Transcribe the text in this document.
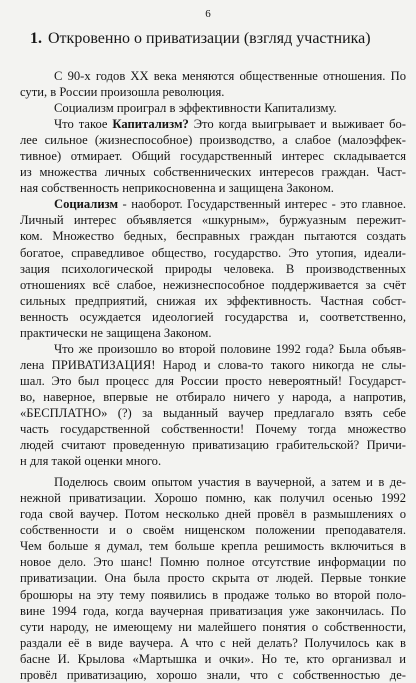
6
1. Откровенно о приватизации (взгляд участника)
С 90-х годов XX века меняются общественные отношения. По
сути, в России произошла революция.
Социализм проиграл в эффективности Капитализму.
Что такое Капитализм? Это когда выигрывает и выживает бо-
лее сильное (жизнеспособное) производство, а слабое (малоэффек-
тивное) отмирает. Общий государственный интерес складывается
из множества личных собственнических интересов граждан. Част-
ная собственность неприкосновенна и защищена Законом.
Социализм - наоборот. Государственный интерес - это главное.
Личный интерес объявляется «шкурным», буржуазным пережит-
ком. Множество бедных, бесправных граждан пытаются создать
богатое, справедливое общество, государство. Это утопия, идеали-
зация психологической природы человека. В производственных
отношениях всё слабое, нежизнеспособное поддерживается за счёт
сильных предприятий, снижая их эффективность. Частная собст-
венность осуждается идеологией государства и, соответственно,
практически не защищена Законом.
Что же произошло во второй половине 1992 года? Была объяв-
лена ПРИВАТИЗАЦИЯ! Народ и слова-то такого никогда не слы-
шал. Это был процесс для России просто невероятный! Государст-
во, наверное, впервые не отбирало ничего у народа, а напротив,
«БЕСПЛАТНО» (?) за выданный ваучер предлагало взять себе
часть государственной собственности! Почему тогда множество
людей считают проведенную приватизацию грабительской? Причи-
н для такой оценки много.
Поделюсь своим опытом участия в ваучерной, а затем и в де-
нежной приватизации. Хорошо помню, как получил осенью 1992
года свой ваучер. Потом несколько дней провёл в размышлениях о
собственности и о своём нищенском положении преподавателя.
Чем больше я думал, тем больше крепла решимость включиться в
новое дело. Это шанс! Помню полное отсутствие информации по
приватизации. Она была просто скрыта от людей. Первые тонкие
брошюры на эту тему появились в продаже только во второй поло-
вине 1994 года, когда ваучерная приватизация уже закончилась. По
сути народу, не имеющему ни малейшего понятия о собственности,
раздали её в виде ваучера. А что с ней делать? Получилось как в
басне И. Крылова «Мартышка и очки». Но те, кто организвал и
провёл приватизацию, хорошо знали, что с собственностью де-
